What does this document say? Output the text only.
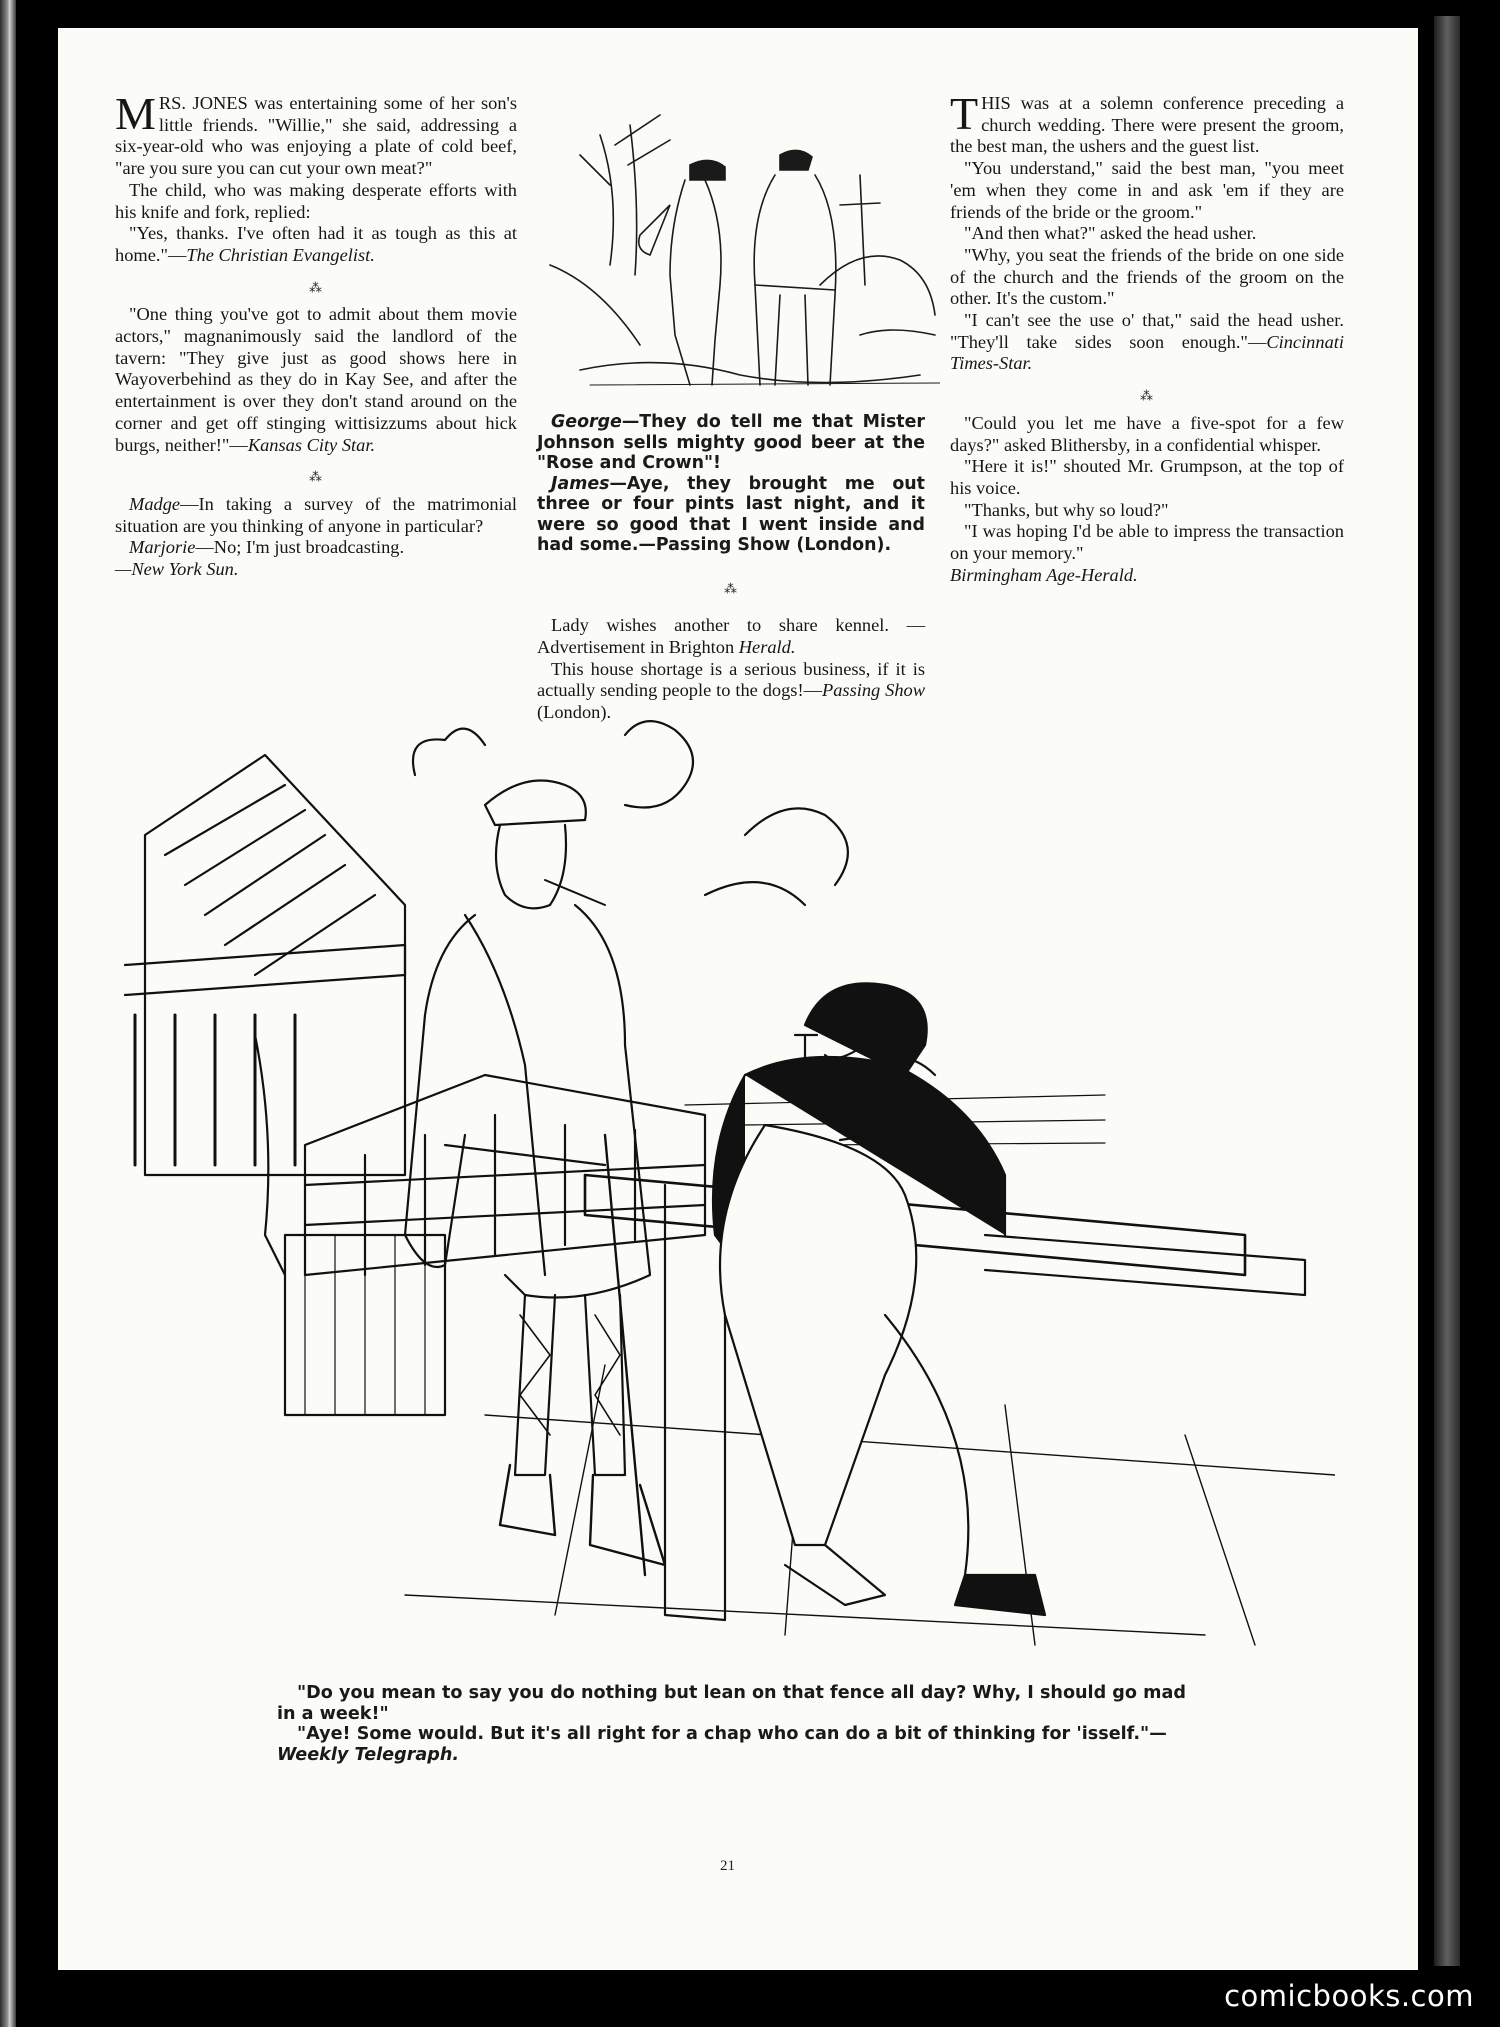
MRS. JONES was entertaining some of her son's little friends. "Willie," she said, addressing a six-year-old who was enjoying a plate of cold beef, "are you sure you can cut your own meat?"

The child, who was making desperate efforts with his knife and fork, replied:

"Yes, thanks. I've often had it as tough as this at home."—The Christian Evangelist.

⁂

"One thing you've got to admit about them movie actors," magnanimously said the landlord of the tavern: "They give just as good shows here in Wayoverbehind as they do in Kay See, and after the entertainment is over they don't stand around on the corner and get off stinging wittisizzums about hick burgs, neither!"—Kansas City Star.

⁂

Madge—In taking a survey of the matrimonial situation are you thinking of anyone in particular?

Marjorie—No; I'm just broadcasting.
—New York Sun.

George—They do tell me that Mister Johnson sells mighty good beer at the "Rose and Crown"!

James—Aye, they brought me out three or four pints last night, and it were so good that I went inside and had some.—Passing Show (London).

⁂

Lady wishes another to share kennel. — Advertisement in Brighton Herald.

This house shortage is a serious business, if it is actually sending people to the dogs!—Passing Show (London).

THIS was at a solemn conference preceding a church wedding. There were present the groom, the best man, the ushers and the guest list.

"You understand," said the best man, "you meet 'em when they come in and ask 'em if they are friends of the bride or the groom."

"And then what?" asked the head usher.

"Why, you seat the friends of the bride on one side of the church and the friends of the groom on the other. It's the custom."

"I can't see the use o' that," said the head usher. "They'll take sides soon enough."—Cincinnati Times-Star.

⁂

"Could you let me have a five-spot for a few days?" asked Blithersby, in a confidential whisper.

"Here it is!" shouted Mr. Grumpson, at the top of his voice.

"Thanks, but why so loud?"

"I was hoping I'd be able to impress the transaction on your memory."

Birmingham Age-Herald.

"Do you mean to say you do nothing but lean on that fence all day? Why, I should go mad in a week!"

"Aye! Some would. But it's all right for a chap who can do a bit of thinking for 'isself."—Weekly Telegraph.

21
comicbooks.com
